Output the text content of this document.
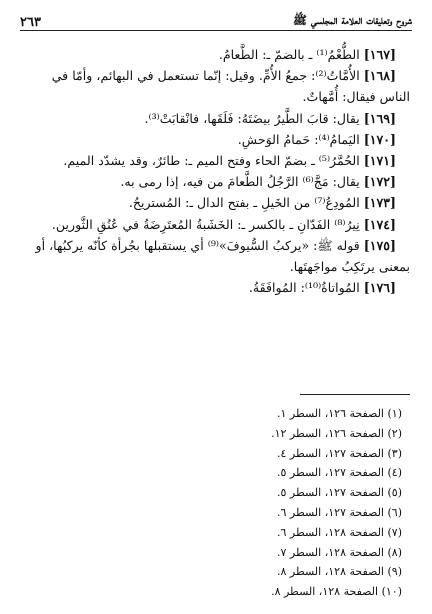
شروح وتعليقات العلامة المجلسي ﷺ
٢٦٣

[١٦٧] الطُّعْمُ⁽¹⁾ ـ بالضمّ ـ: الطَّعامُ.

[١٦٨] الأُمَّاتُ⁽²⁾: جمعُ الأُمِّ. وقيل: إنّما تستعمل في البهائم، وأمّا في

الناس فيقال: أُمَّهاتٌ.

[١٦٩] يقال: قابَ الطَّيرُ بيضَتَهُ: فَلَقَها، فانْقابَتْ⁽³⁾.

[١٧٠] اليَمامُ⁽⁴⁾: حَمامُ الوَحشِ.

[١٧١] الحُمَّرُ⁽⁵⁾ ـ بضمّ الحاء وفتح الميم ـ: طائرٌ، وقد يشدّد الميم.

[١٧٢] يقال: مَجَّ⁽⁶⁾ الرَّجُلُ الطَّعامَ من فيه، إذا رمى به.

[١٧٣] المُودِعُ⁽⁷⁾ من الخَيلِ ـ بفتح الدال ـ: المُستريحُ.

[١٧٤] نِيرُ⁽⁸⁾ الفَدّانِ ـ بالكسر ـ: الخَشَبةُ المُعتَرِضَةُ في عُنُقِ الثَّورين.

[١٧٥] قوله ﷺ: «يركبُ السُّيوفَ»⁽⁹⁾ أي يستقبلها بجُرأة كأنّه يركبُها، أو

بمعنى يرتَكِبُ مواجَهتَها.

[١٧٦] المُواتاةُ⁽¹⁰⁾: المُوافَقَةُ.

(١) الصفحة ١٢٦، السطر ١.

(٢) الصفحة ١٢٦، السطر ١٢.

(٣) الصفحة ١٢٧، السطر ٤.

(٤) الصفحة ١٢٧، السطر ٥.

(٥) الصفحة ١٢٧، السطر ٥.

(٦) الصفحة ١٢٧، السطر ٦.

(٧) الصفحة ١٢٨، السطر ٦.

(٨) الصفحة ١٢٨، السطر ٧.

(٩) الصفحة ١٢٨، السطر ٨.

(١٠) الصفحة ١٢٨، السطر ٨.
